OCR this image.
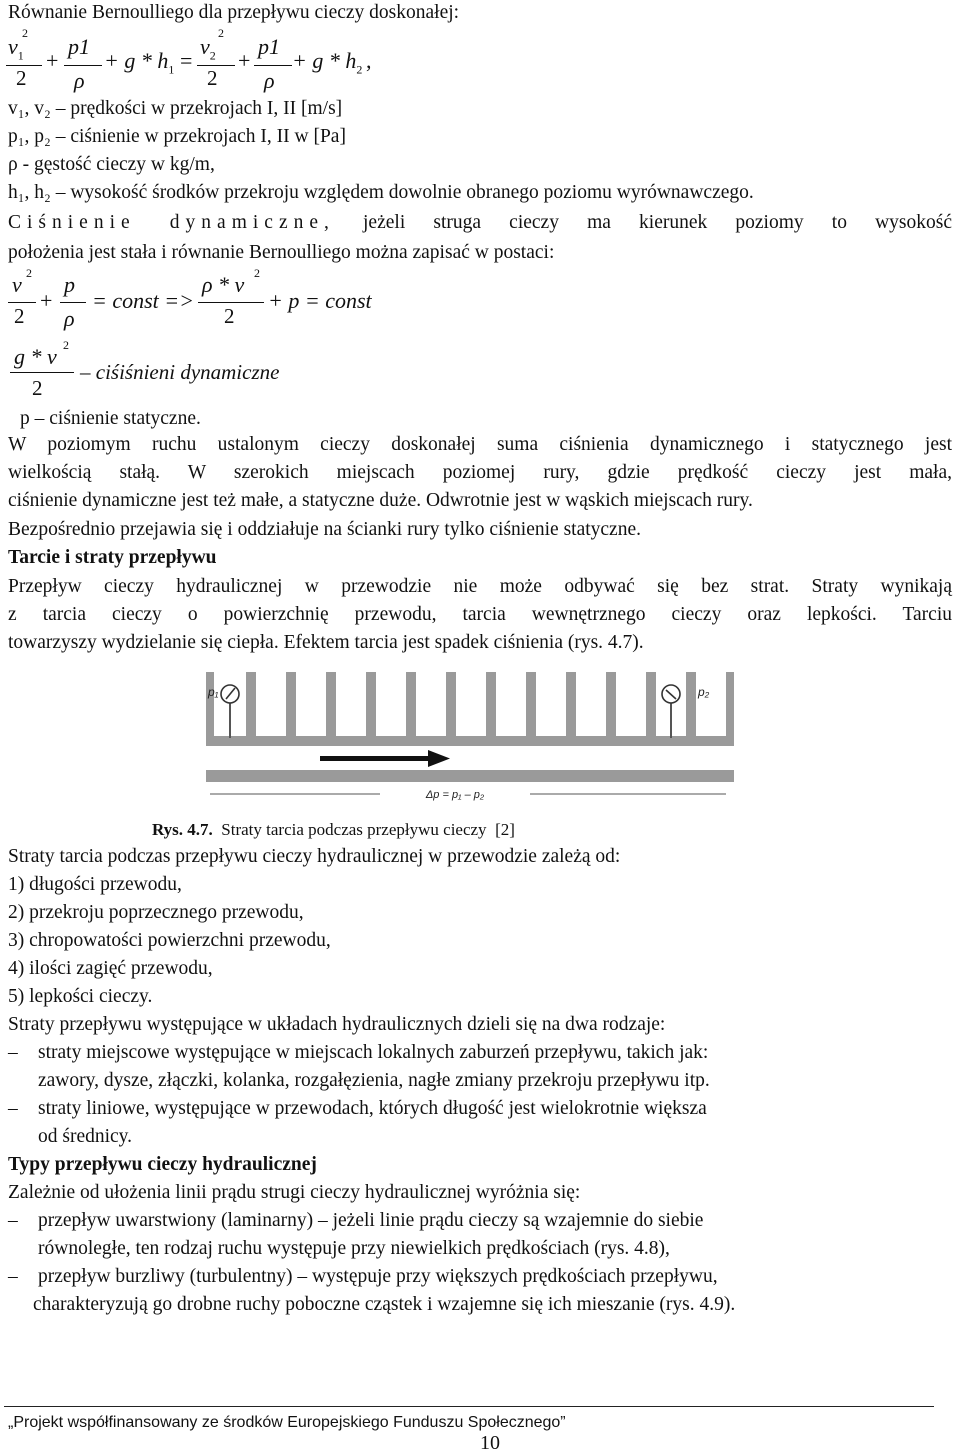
Równanie Bernoulliego dla przepływu cieczy doskonałej:
$v_1$
2
2
+
p1
ρ
+ g * $h_1$ =
$v_2$
2
2
+
p1
ρ
+ g * $h_2$ ,
v₁, v₂ – prędkości w przekrojach I, II [m/s]
p₁, p₂ – ciśnienie w przekrojach I, II w [Pa]
ρ - gęstość cieczy w kg/m,
h₁, h₂ – wysokość środków przekroju względem dowolnie obranego poziomu wyrównawczego.
Ciśnienie dynamiczne, jeżeli struga cieczy ma kierunek poziomy to wysokość
położenia jest stała i równanie Bernoulliego można zapisać w postaci:
v 2
2
+
p
ρ
= const =>
ρ * v 2
2
+ p = const
g * v 2
2
– ciśiśnieni dynamiczne
p – ciśnienie statyczne.
W poziomym ruchu ustalonym cieczy doskonałej suma ciśnienia dynamicznego i statycznego jest
wielkością stałą. W szerokich miejscach poziomej rury, gdzie prędkość cieczy jest mała,
ciśnienie dynamiczne jest też małe, a statyczne duże. Odwrotnie jest w wąskich miejscach rury.
Bezpośrednio przejawia się i oddziałuje na ścianki rury tylko ciśnienie statyczne.
Tarcie i straty przepływu
Przepływ cieczy hydraulicznej w przewodzie nie może odbywać się bez strat. Straty wynikają
z tarcia cieczy o powierzchnię przewodu, tarcia wewnętrznego cieczy oraz lepkości. Tarciu
towarzyszy wydzielanie się ciepła. Efektem tarcia jest spadek ciśnienia (rys. 4.7).
p₁	p₂
Δp = p₁ – p₂
Rys. 4.7. Straty tarcia podczas przepływu cieczy [2]
Straty tarcia podczas przepływu cieczy hydraulicznej w przewodzie zależą od:
1) długości przewodu,
2) przekroju poprzecznego przewodu,
3) chropowatości powierzchni przewodu,
4) ilości zagięć przewodu,
5) lepkości cieczy.
Straty przepływu występujące w układach hydraulicznych dzieli się na dwa rodzaje:
– straty miejscowe występujące w miejscach lokalnych zaburzeń przepływu, takich jak:
zawory, dysze, złączki, kolanka, rozgałęzienia, nagłe zmiany przekroju przepływu itp.
– straty liniowe, występujące w przewodach, których długość jest wielokrotnie większa
od średnicy.
Typy przepływu cieczy hydraulicznej
Zależnie od ułożenia linii prądu strugi cieczy hydraulicznej wyróżnia się:
– przepływ uwarstwiony (laminarny) – jeżeli linie prądu cieczy są wzajemnie do siebie
równoległe, ten rodzaj ruchu występuje przy niewielkich prędkościach (rys. 4.8),
– przepływ burzliwy (turbulentny) – występuje przy większych prędkościach przepływu,
charakteryzują go drobne ruchy poboczne cząstek i wzajemne się ich mieszanie (rys. 4.9).
„Projekt współfinansowany ze środków Europejskiego Funduszu Społecznego”
10
